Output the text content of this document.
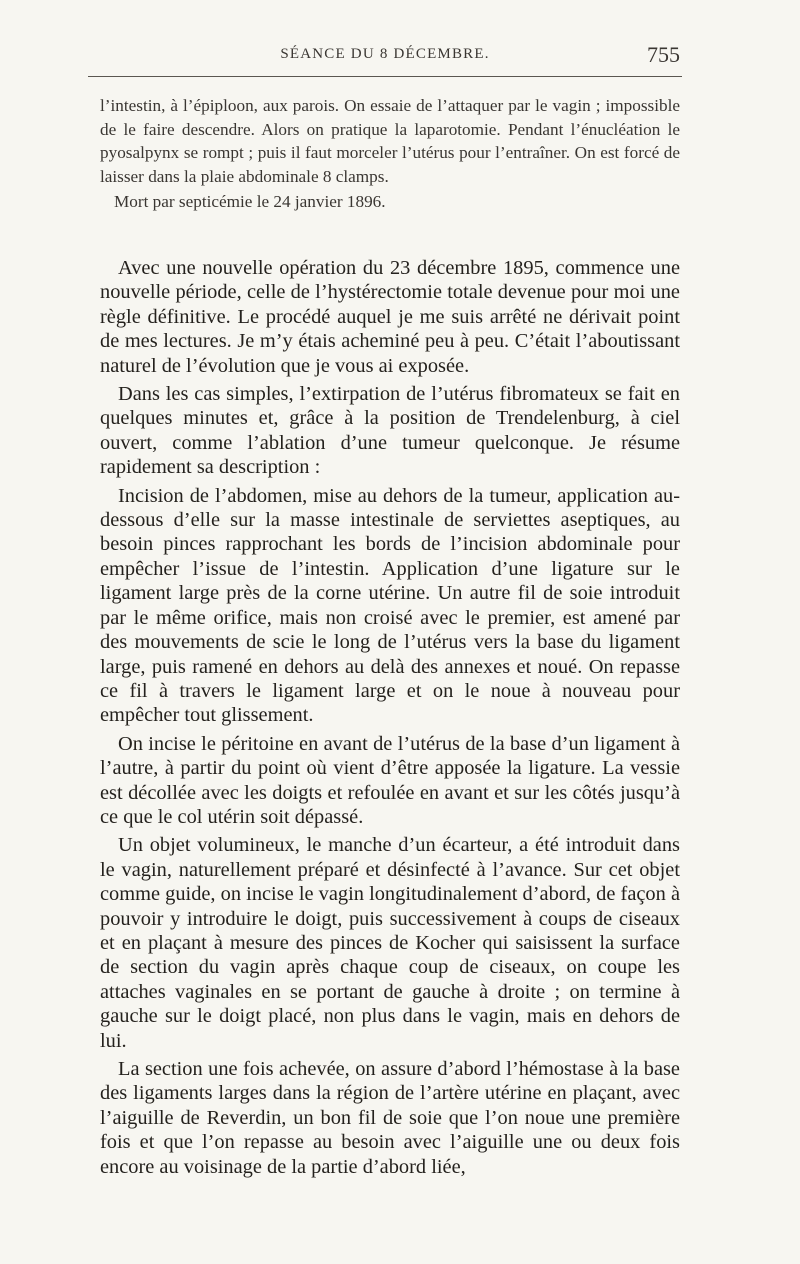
SÉANCE DU 8 DÉCEMBRE.	755

l’intestin, à l’épiploon, aux parois. On essaie de l’attaquer par le vagin ; impossible de le faire descendre. Alors on pratique la laparotomie. Pendant l’énucléation le pyosalpynx se rompt ; puis il faut morceler l’utérus pour l’entraîner. On est forcé de laisser dans la plaie abdominale 8 clamps.

Mort par septicémie le 24 janvier 1896.

Avec une nouvelle opération du 23 décembre 1895, commence une nouvelle période, celle de l’hystérectomie totale devenue pour moi une règle définitive. Le procédé auquel je me suis arrêté ne dérivait point de mes lectures. Je m’y étais acheminé peu à peu. C’était l’aboutissant naturel de l’évolution que je vous ai exposée.

Dans les cas simples, l’extirpation de l’utérus fibromateux se fait en quelques minutes et, grâce à la position de Trendelenburg, à ciel ouvert, comme l’ablation d’une tumeur quelconque. Je résume rapidement sa description :

Incision de l’abdomen, mise au dehors de la tumeur, application au-dessous d’elle sur la masse intestinale de serviettes aseptiques, au besoin pinces rapprochant les bords de l’incision abdominale pour empêcher l’issue de l’intestin. Application d’une ligature sur le ligament large près de la corne utérine. Un autre fil de soie introduit par le même orifice, mais non croisé avec le premier, est amené par des mouvements de scie le long de l’utérus vers la base du ligament large, puis ramené en dehors au delà des annexes et noué. On repasse ce fil à travers le ligament large et on le noue à nouveau pour empêcher tout glissement.

On incise le péritoine en avant de l’utérus de la base d’un ligament à l’autre, à partir du point où vient d’être apposée la ligature. La vessie est décollée avec les doigts et refoulée en avant et sur les côtés jusqu’à ce que le col utérin soit dépassé.

Un objet volumineux, le manche d’un écarteur, a été introduit dans le vagin, naturellement préparé et désinfecté à l’avance. Sur cet objet comme guide, on incise le vagin longitudinalement d’abord, de façon à pouvoir y introduire le doigt, puis successivement à coups de ciseaux et en plaçant à mesure des pinces de Kocher qui saisissent la surface de section du vagin après chaque coup de ciseaux, on coupe les attaches vaginales en se portant de gauche à droite ; on termine à gauche sur le doigt placé, non plus dans le vagin, mais en dehors de lui.

La section une fois achevée, on assure d’abord l’hémostase à la base des ligaments larges dans la région de l’artère utérine en plaçant, avec l’aiguille de Reverdin, un bon fil de soie que l’on noue une première fois et que l’on repasse au besoin avec l’aiguille une ou deux fois encore au voisinage de la partie d’abord liée,
